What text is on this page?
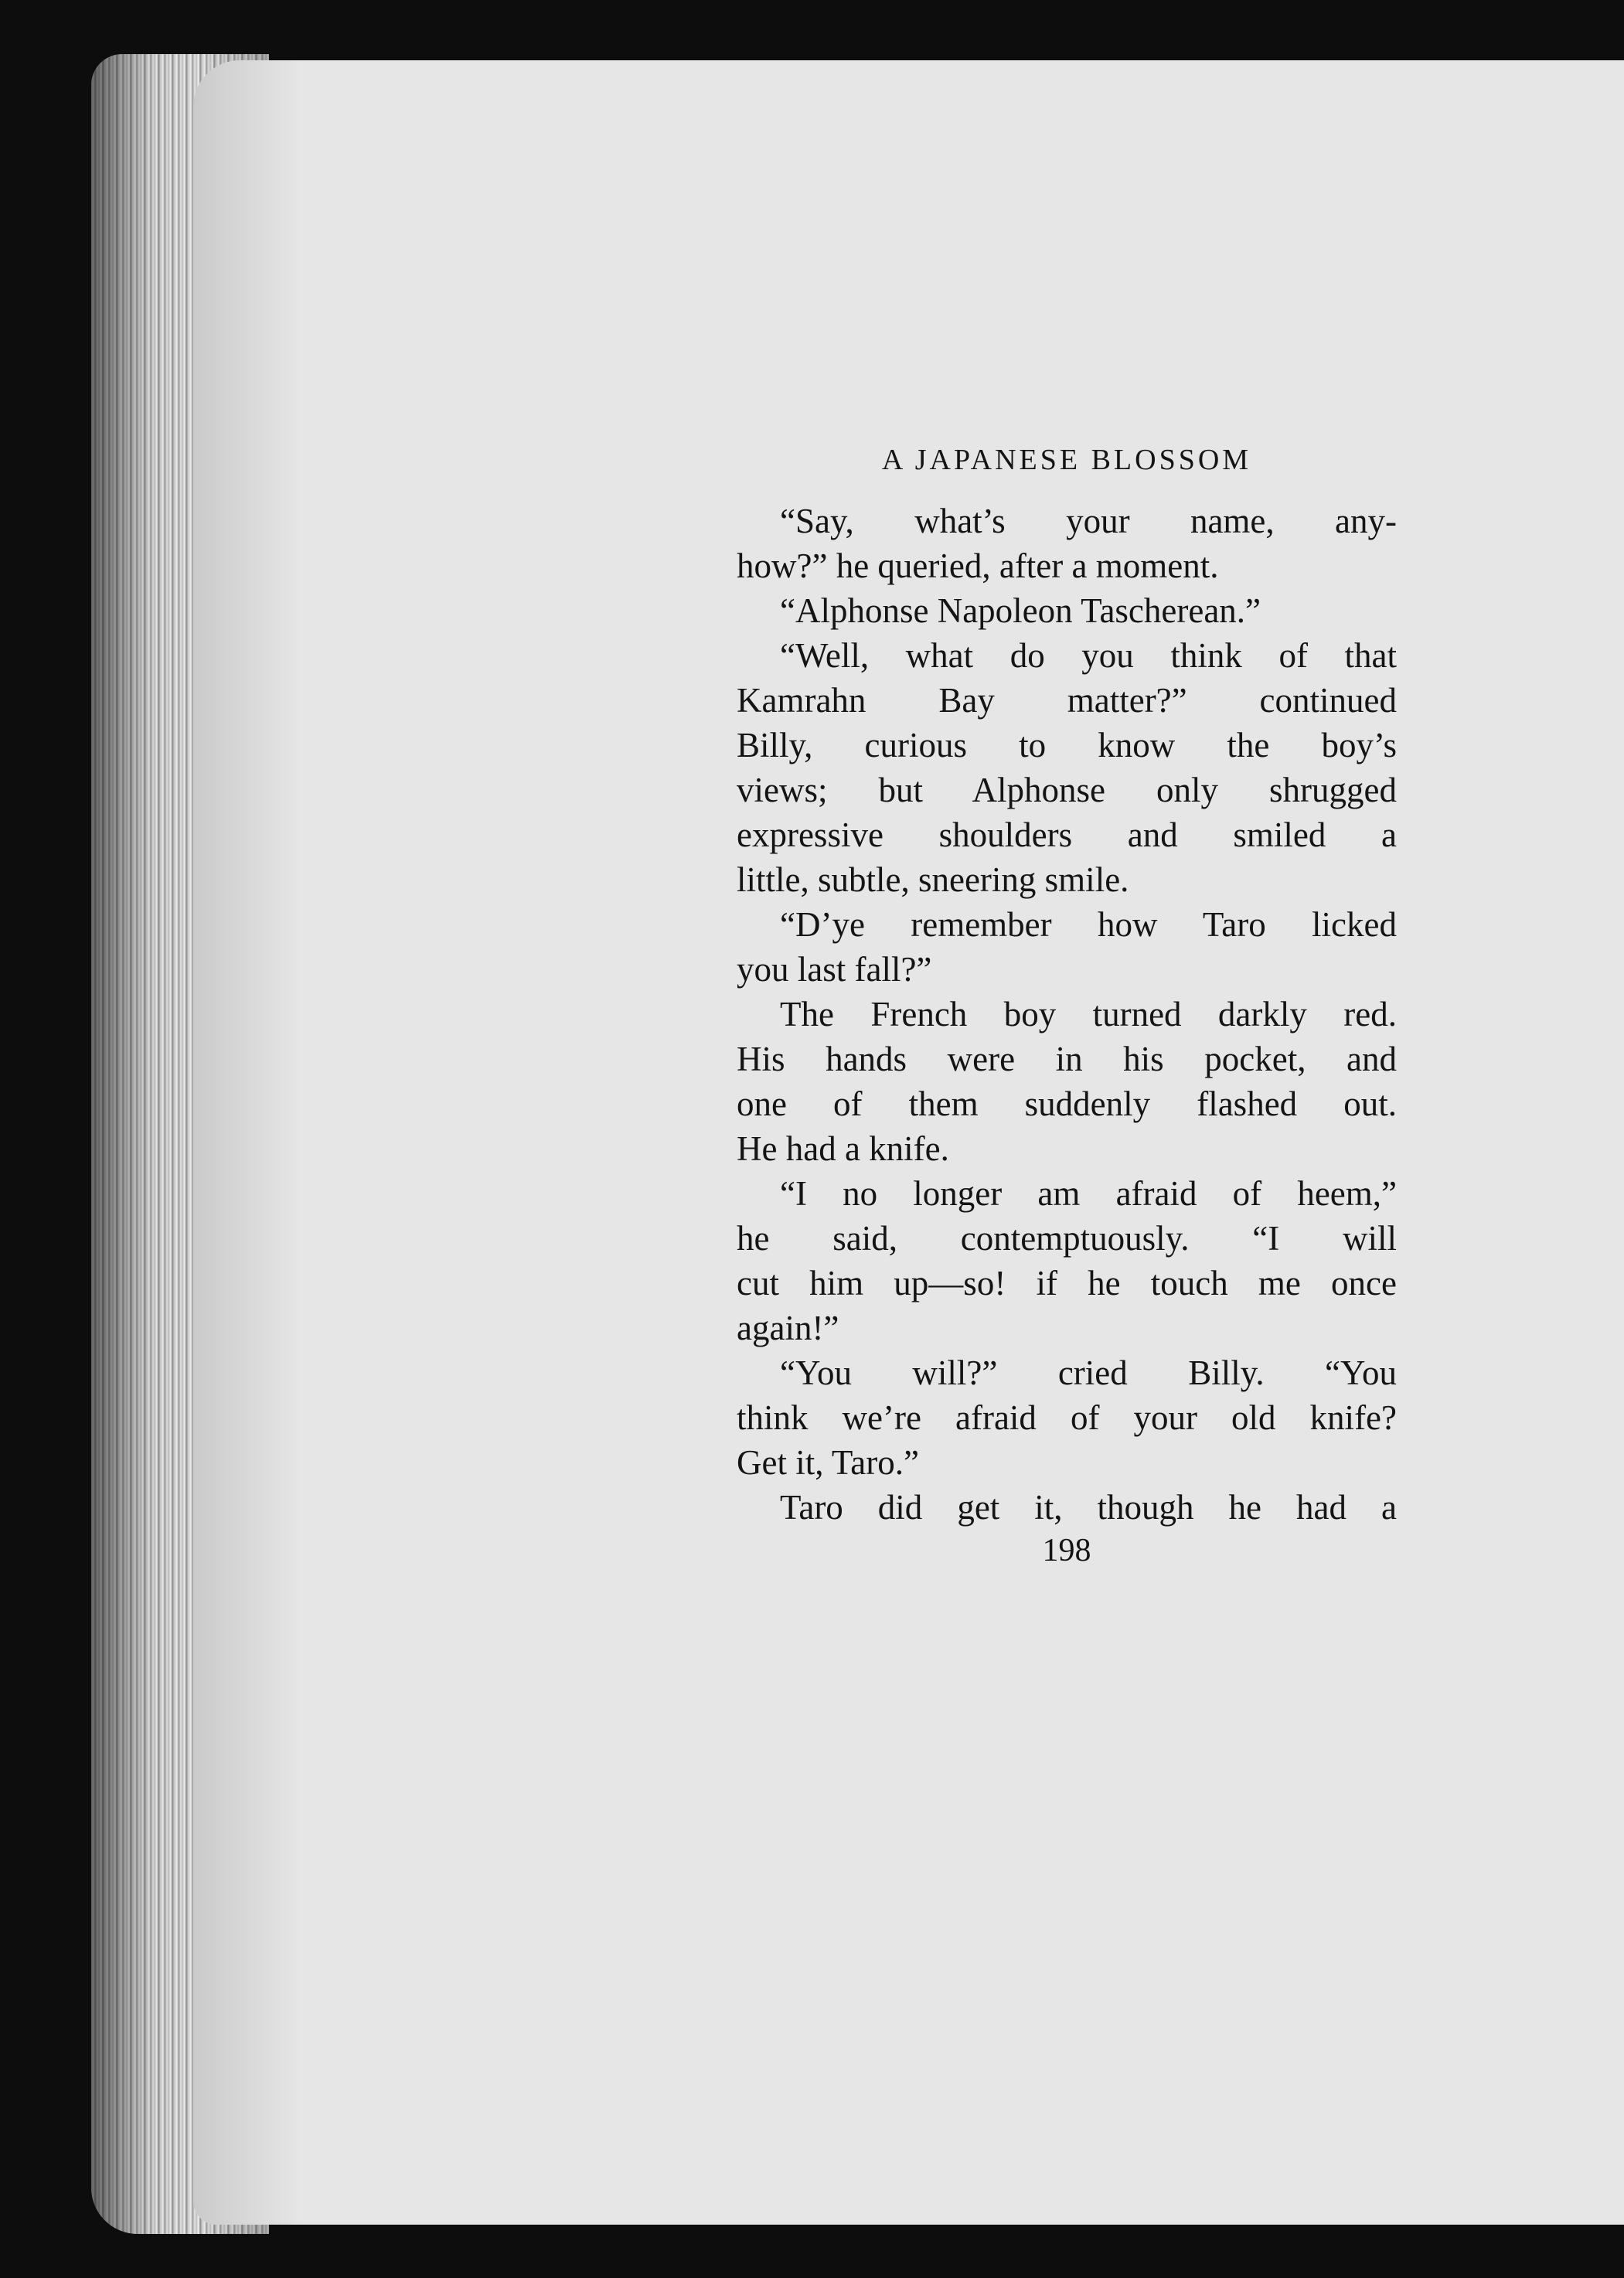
A JAPANESE BLOSSOM
“Say, what’s your name, any-
how?” he queried, after a moment.
“Alphonse Napoleon Tascherean.”
“Well, what do you think of that
Kamrahn Bay matter?” continued
Billy, curious to know the boy’s
views; but Alphonse only shrugged
expressive shoulders and smiled a
little, subtle, sneering smile.
“D’ye remember how Taro licked
you last fall?”
The French boy turned darkly red.
His hands were in his pocket, and
one of them suddenly flashed out.
He had a knife.
“I no longer am afraid of heem,”
he said, contemptuously. “I will
cut him up—so! if he touch me once
again!”
“You will?” cried Billy. “You
think we’re afraid of your old knife?
Get it, Taro.”
Taro did get it, though he had a
198
